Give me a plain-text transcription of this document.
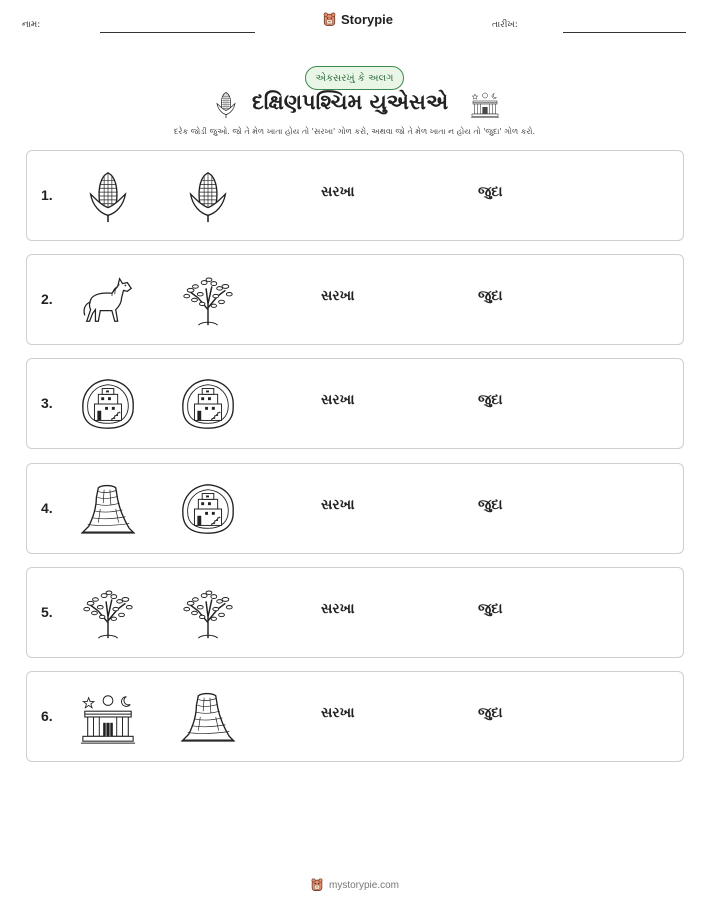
નામ:	Storypie	તારીખ:
એકસરખું કે અલગ
દક્ષિણપશ્ચિમ યુએસએ
દરેક જોડી જુઓ. જો તે મેળ ખાતા હોય તો 'સરખા' ગોળ કરો, અથવા જો તે મેળ ખાતા ન હોય તો 'જુદા' ગોળ કરો.
1.	સરખા	જુદા
2.	સરખા	જુદા
3.	સરખા	જુદા
4.	સરખા	જુદા
5.	સરખા	જુદા
6.	સરખા	જુદા
mystorypie.com
